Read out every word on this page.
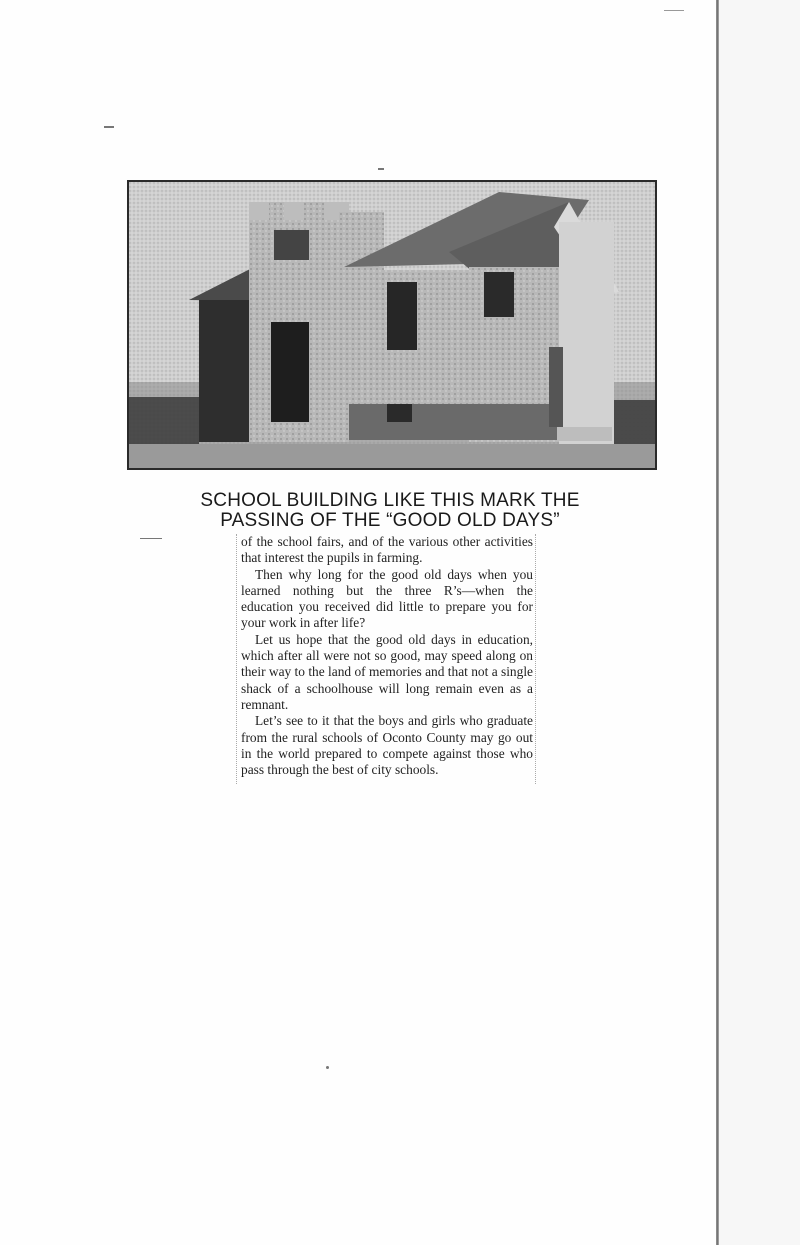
SCHOOL BUILDING LIKE THIS MARK THE
PASSING OF THE “GOOD OLD DAYS”

of the school fairs, and of the various other activities that interest the pupils in farming.

Then why long for the good old days when you learned nothing but the three R’s—when the education you received did little to prepare you for your work in after life?

Let us hope that the good old days in education, which after all were not so good, may speed along on their way to the land of memories and that not a single shack of a schoolhouse will long remain even as a remnant.

Let’s see to it that the boys and girls who graduate from the rural schools of Oconto County may go out in the world prepared to compete against those who pass through the best of city schools.
